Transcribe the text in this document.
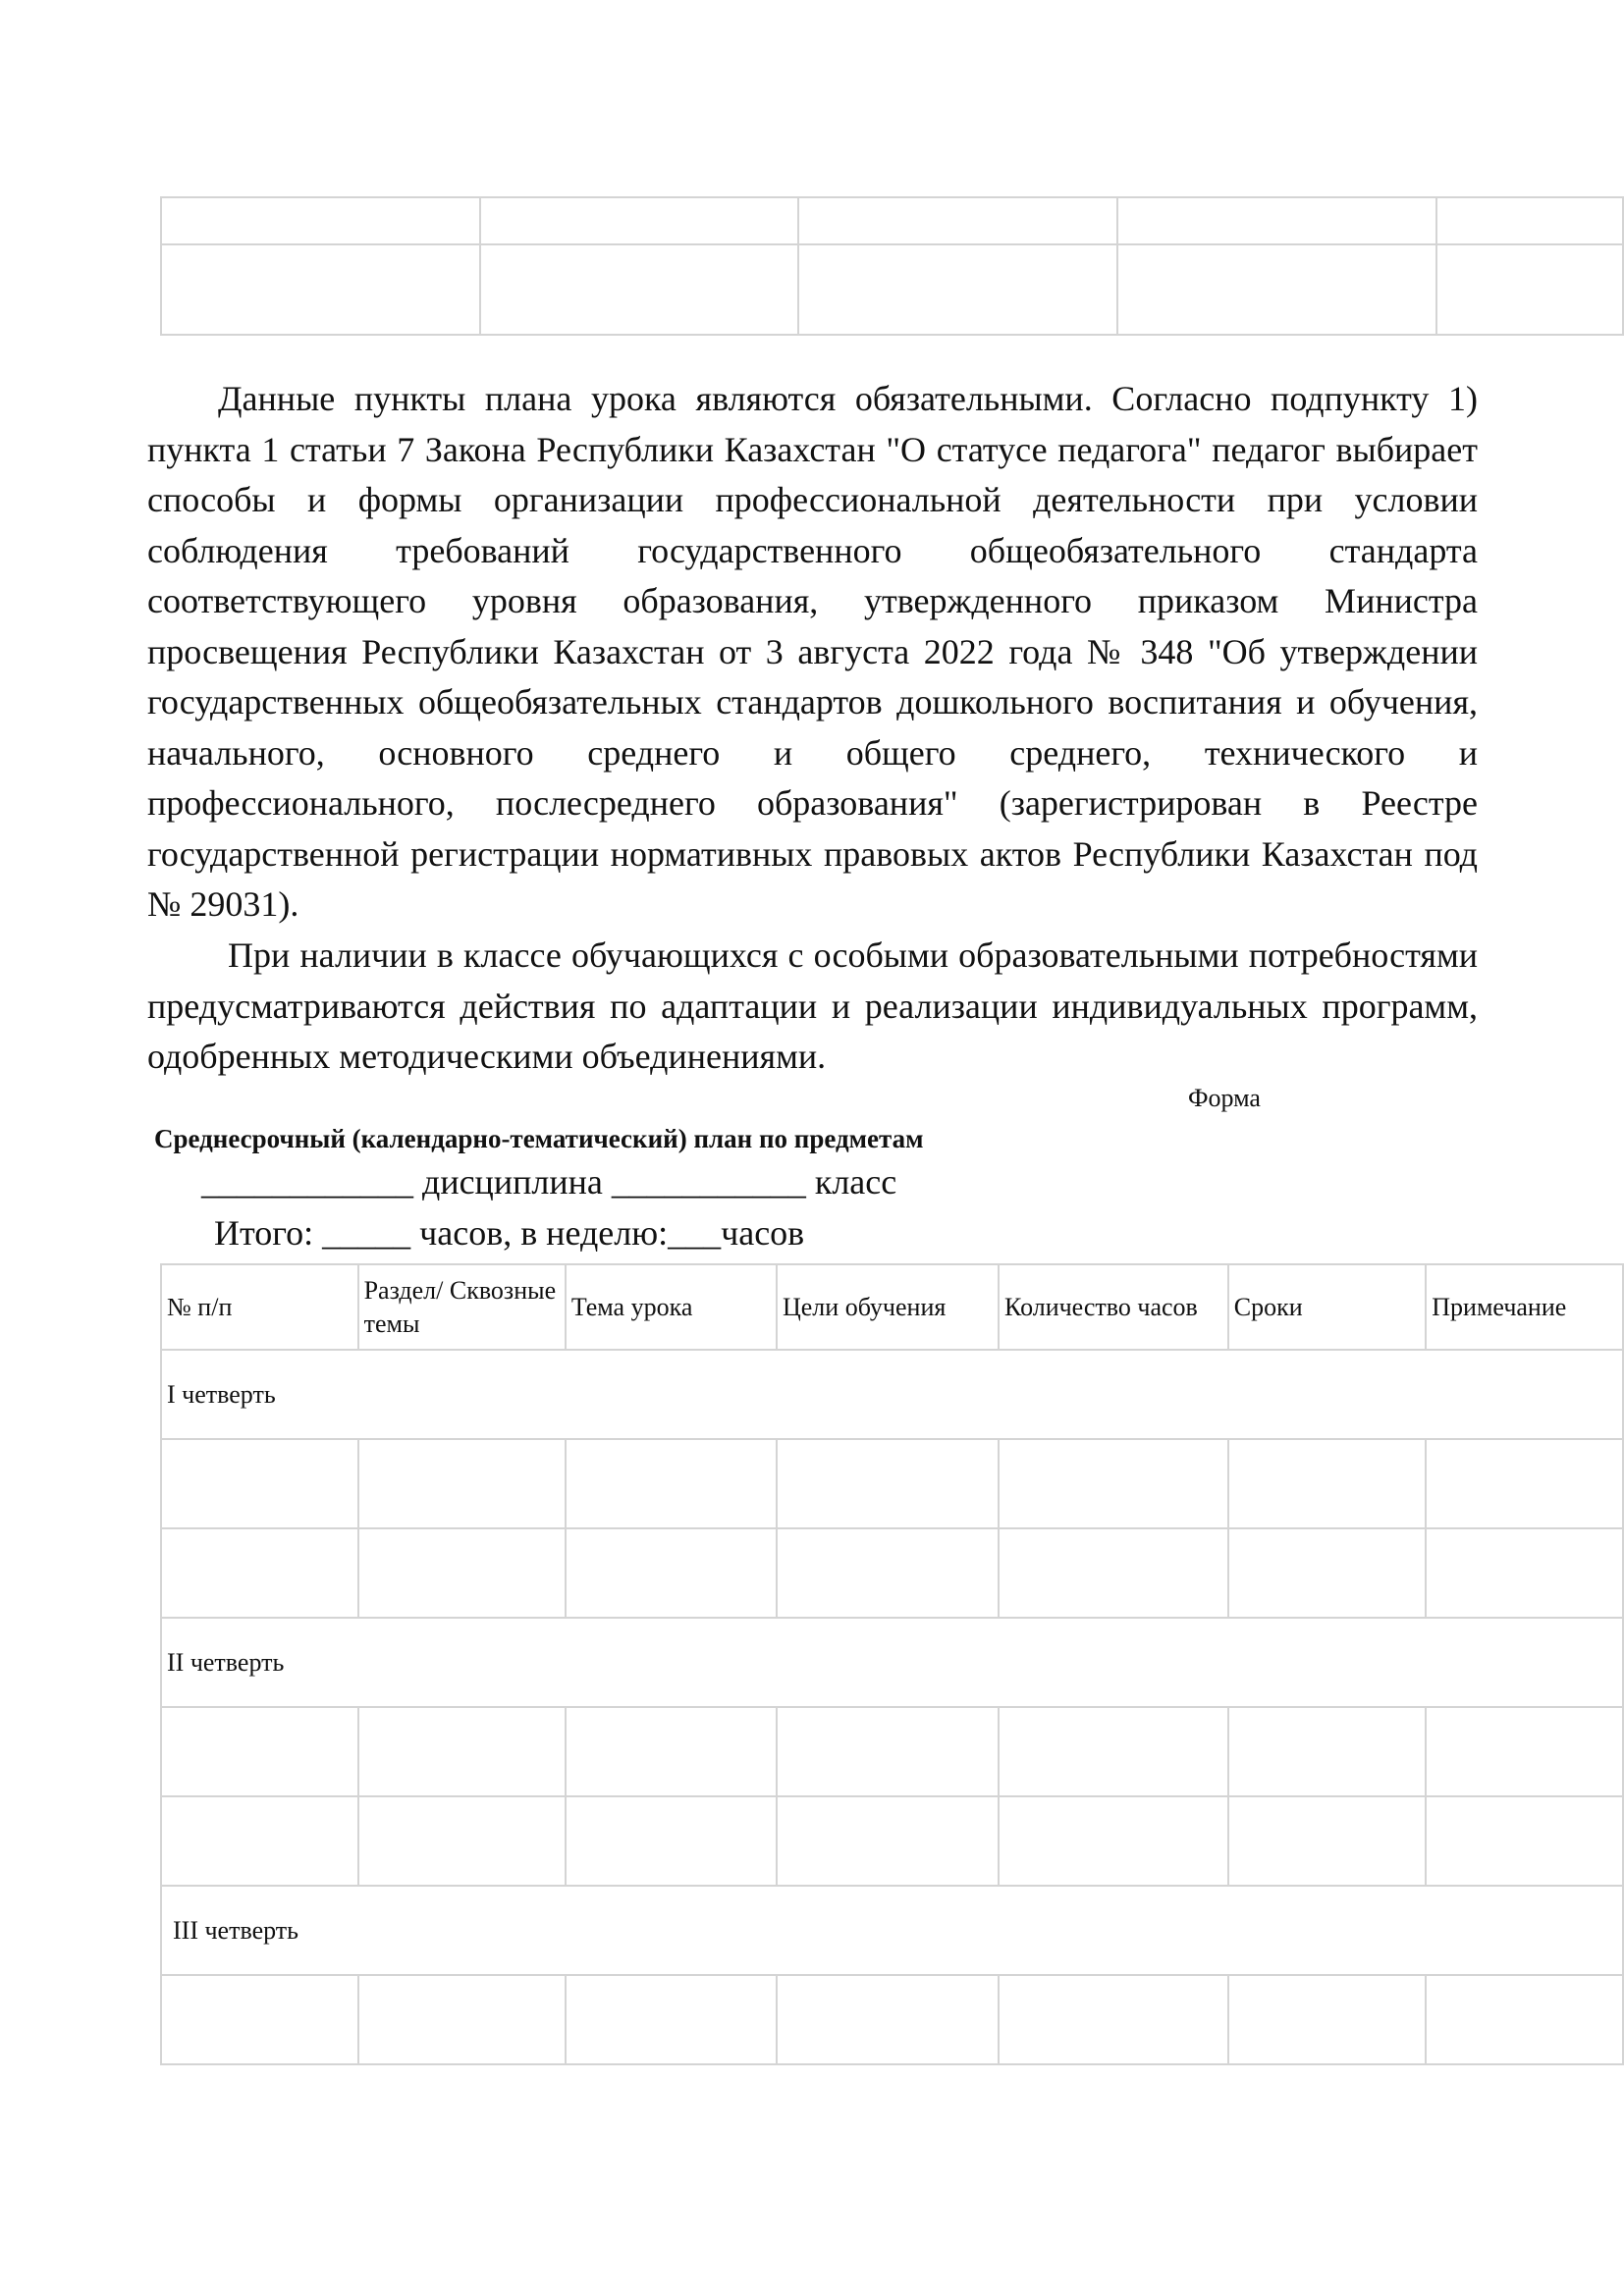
Данные пункты плана урока являются обязательными. Согласно подпункту 1) пункта 1 статьи 7 Закона Республики Казахстан "О статусе педагога" педагог выбирает способы и формы организации профессиональной деятельности при условии соблюдения требований государственного общеобязательного стандарта соответствующего уровня образования, утвержденного приказом Министра просвещения Республики Казахстан от 3 августа 2022 года № 348 "Об утверждении государственных общеобязательных стандартов дошкольного воспитания и обучения, начального, основного среднего и общего среднего, технического и профессионального, послесреднего образования" (зарегистрирован в Реестре государственной регистрации нормативных правовых актов Республики Казахстан под № 29031).

При наличии в классе обучающихся с особыми образовательными потребностями предусматриваются действия по адаптации и реализации индивидуальных программ, одобренных методическими объединениями.

Форма
Среднесрочный (календарно-тематический) план по предметам
____________ дисциплина ___________ класс
Итого: _____ часов, в неделю:___часов
№ п/п	Раздел/ Сквозные темы	Тема урока	Цели обучения	Количество часов	Сроки	Примечание
I четверть						

II четверть						

III четверть						
